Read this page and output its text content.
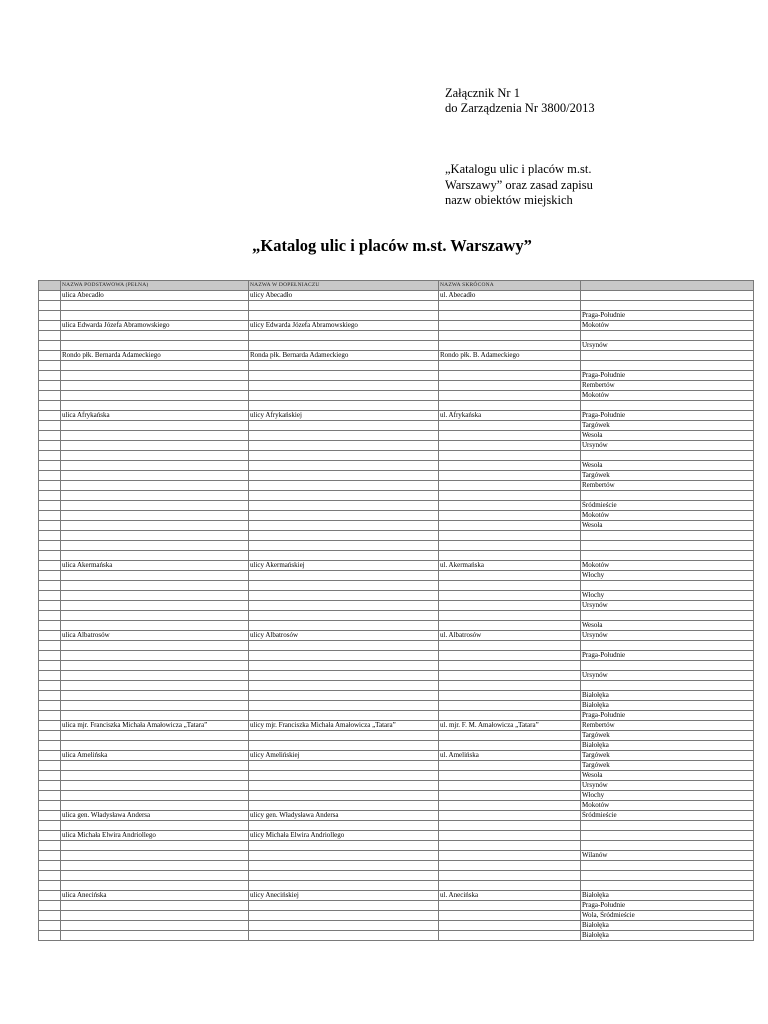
Załącznik Nr 1
do Zarządzenia Nr 3800/2013
„Katalogu ulic i placów m.st.
Warszawy” oraz zasad zapisu
nazw obiektów miejskich
„Katalog ulic i placów m.st. Warszawy”
	NAZWA PODSTAWOWA (PEŁNA)	NAZWA W DOPEŁNIACZU	NAZWA SKRÓCONA	
	ulica Abecadło	ulicy Abecadło	ul. Abecadło	

				Praga-Południe
	ulica Edwarda Józefa Abramowskiego	ulicy Edwarda Józefa Abramowskiego		Mokotów

				Ursynów
	Rondo płk. Bernarda Adameckiego	Ronda płk. Bernarda Adameckiego	Rondo płk. B. Adameckiego	

				Praga-Południe
				Rembertów
				Mokotów

	ulica Afrykańska	ulicy Afrykańskiej	ul. Afrykańska	Praga-Południe
				Targówek
				Wesoła
				Ursynów

				Wesoła
				Targówek
				Rembertów

				Śródmieście
				Mokotów
				Wesoła

	ulica Akermańska	ulicy Akermańskiej	ul. Akermańska	Mokotów
				Włochy

				Włochy
				Ursynów

				Wesoła
	ulica Albatrosów	ulicy Albatrosów	ul. Albatrosów	Ursynów

				Praga-Południe

				Ursynów

				Białołęka
				Białołęka
				Praga-Południe
	ulica mjr. Franciszka Michała Amałowicza „Tatara”	ulicy mjr. Franciszka Michała Amałowicza „Tatara”	ul. mjr. F. M. Amałowicza „Tatara”	Rembertów
				Targówek
				Białołęka
	ulica Amelińska	ulicy Amelińskiej	ul. Amelińska	Targówek
				Targówek
				Wesoła
				Ursynów
				Włochy
				Mokotów
	ulica gen. Władysława Andersa	ulicy gen. Władysława Andersa		Śródmieście

	ulica Michała Elwira Andriollego	ulicy Michała Elwira Andriollego		

				Wilanów

	ulica Anecińska	ulicy Anecińskiej	ul. Anecińska	Białołęka
				Praga-Południe
				Wola, Śródmieście
				Białołęka
				Białołęka
